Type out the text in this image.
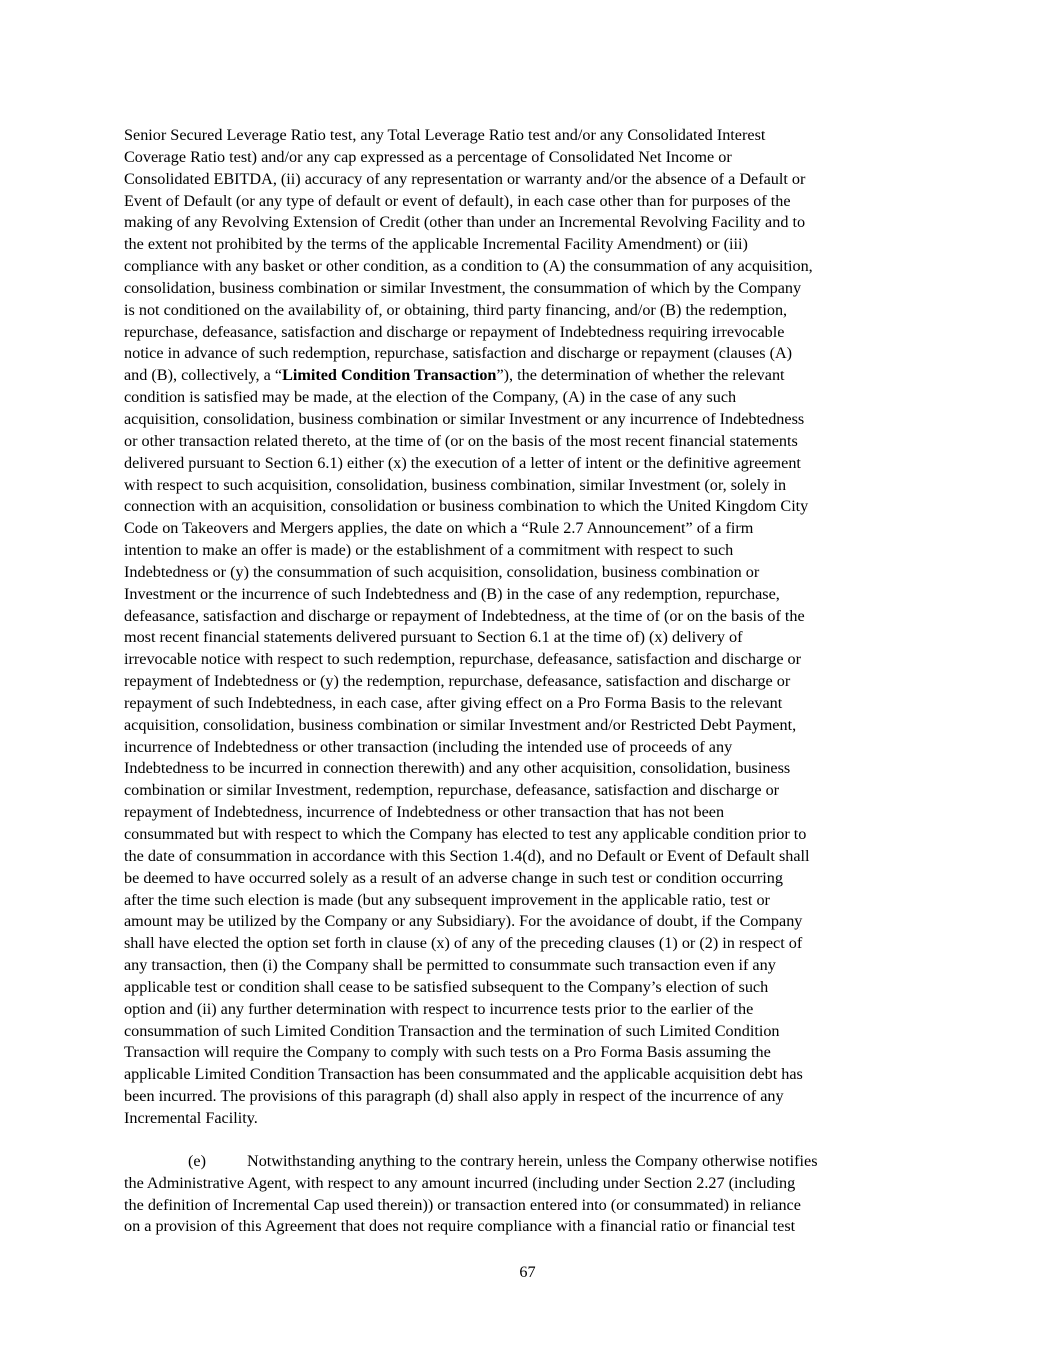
Senior Secured Leverage Ratio test, any Total Leverage Ratio test and/or any Consolidated Interest
Coverage Ratio test) and/or any cap expressed as a percentage of Consolidated Net Income or
Consolidated EBITDA, (ii) accuracy of any representation or warranty and/or the absence of a Default or
Event of Default (or any type of default or event of default), in each case other than for purposes of the
making of any Revolving Extension of Credit (other than under an Incremental Revolving Facility and to
the extent not prohibited by the terms of the applicable Incremental Facility Amendment) or (iii)
compliance with any basket or other condition, as a condition to (A) the consummation of any acquisition,
consolidation, business combination or similar Investment, the consummation of which by the Company
is not conditioned on the availability of, or obtaining, third party financing, and/or (B) the redemption,
repurchase, defeasance, satisfaction and discharge or repayment of Indebtedness requiring irrevocable
notice in advance of such redemption, repurchase, satisfaction and discharge or repayment (clauses (A)
and (B), collectively, a “Limited Condition Transaction”), the determination of whether the relevant
condition is satisfied may be made, at the election of the Company, (A) in the case of any such
acquisition, consolidation, business combination or similar Investment or any incurrence of Indebtedness
or other transaction related thereto, at the time of (or on the basis of the most recent financial statements
delivered pursuant to Section 6.1) either (x) the execution of a letter of intent or the definitive agreement
with respect to such acquisition, consolidation, business combination, similar Investment (or, solely in
connection with an acquisition, consolidation or business combination to which the United Kingdom City
Code on Takeovers and Mergers applies, the date on which a “Rule 2.7 Announcement” of a firm
intention to make an offer is made) or the establishment of a commitment with respect to such
Indebtedness or (y) the consummation of such acquisition, consolidation, business combination or
Investment or the incurrence of such Indebtedness and (B) in the case of any redemption, repurchase,
defeasance, satisfaction and discharge or repayment of Indebtedness, at the time of (or on the basis of the
most recent financial statements delivered pursuant to Section 6.1 at the time of) (x) delivery of
irrevocable notice with respect to such redemption, repurchase, defeasance, satisfaction and discharge or
repayment of Indebtedness or (y) the redemption, repurchase, defeasance, satisfaction and discharge or
repayment of such Indebtedness, in each case, after giving effect on a Pro Forma Basis to the relevant
acquisition, consolidation, business combination or similar Investment and/or Restricted Debt Payment,
incurrence of Indebtedness or other transaction (including the intended use of proceeds of any
Indebtedness to be incurred in connection therewith) and any other acquisition, consolidation, business
combination or similar Investment, redemption, repurchase, defeasance, satisfaction and discharge or
repayment of Indebtedness, incurrence of Indebtedness or other transaction that has not been
consummated but with respect to which the Company has elected to test any applicable condition prior to
the date of consummation in accordance with this Section 1.4(d), and no Default or Event of Default shall
be deemed to have occurred solely as a result of an adverse change in such test or condition occurring
after the time such election is made (but any subsequent improvement in the applicable ratio, test or
amount may be utilized by the Company or any Subsidiary). For the avoidance of doubt, if the Company
shall have elected the option set forth in clause (x) of any of the preceding clauses (1) or (2) in respect of
any transaction, then (i) the Company shall be permitted to consummate such transaction even if any
applicable test or condition shall cease to be satisfied subsequent to the Company’s election of such
option and (ii) any further determination with respect to incurrence tests prior to the earlier of the
consummation of such Limited Condition Transaction and the termination of such Limited Condition
Transaction will require the Company to comply with such tests on a Pro Forma Basis assuming the
applicable Limited Condition Transaction has been consummated and the applicable acquisition debt has
been incurred. The provisions of this paragraph (d) shall also apply in respect of the incurrence of any
Incremental Facility.

(e)	Notwithstanding anything to the contrary herein, unless the Company otherwise notifies
the Administrative Agent, with respect to any amount incurred (including under Section 2.27 (including
the definition of Incremental Cap used therein)) or transaction entered into (or consummated) in reliance
on a provision of this Agreement that does not require compliance with a financial ratio or financial test

67
